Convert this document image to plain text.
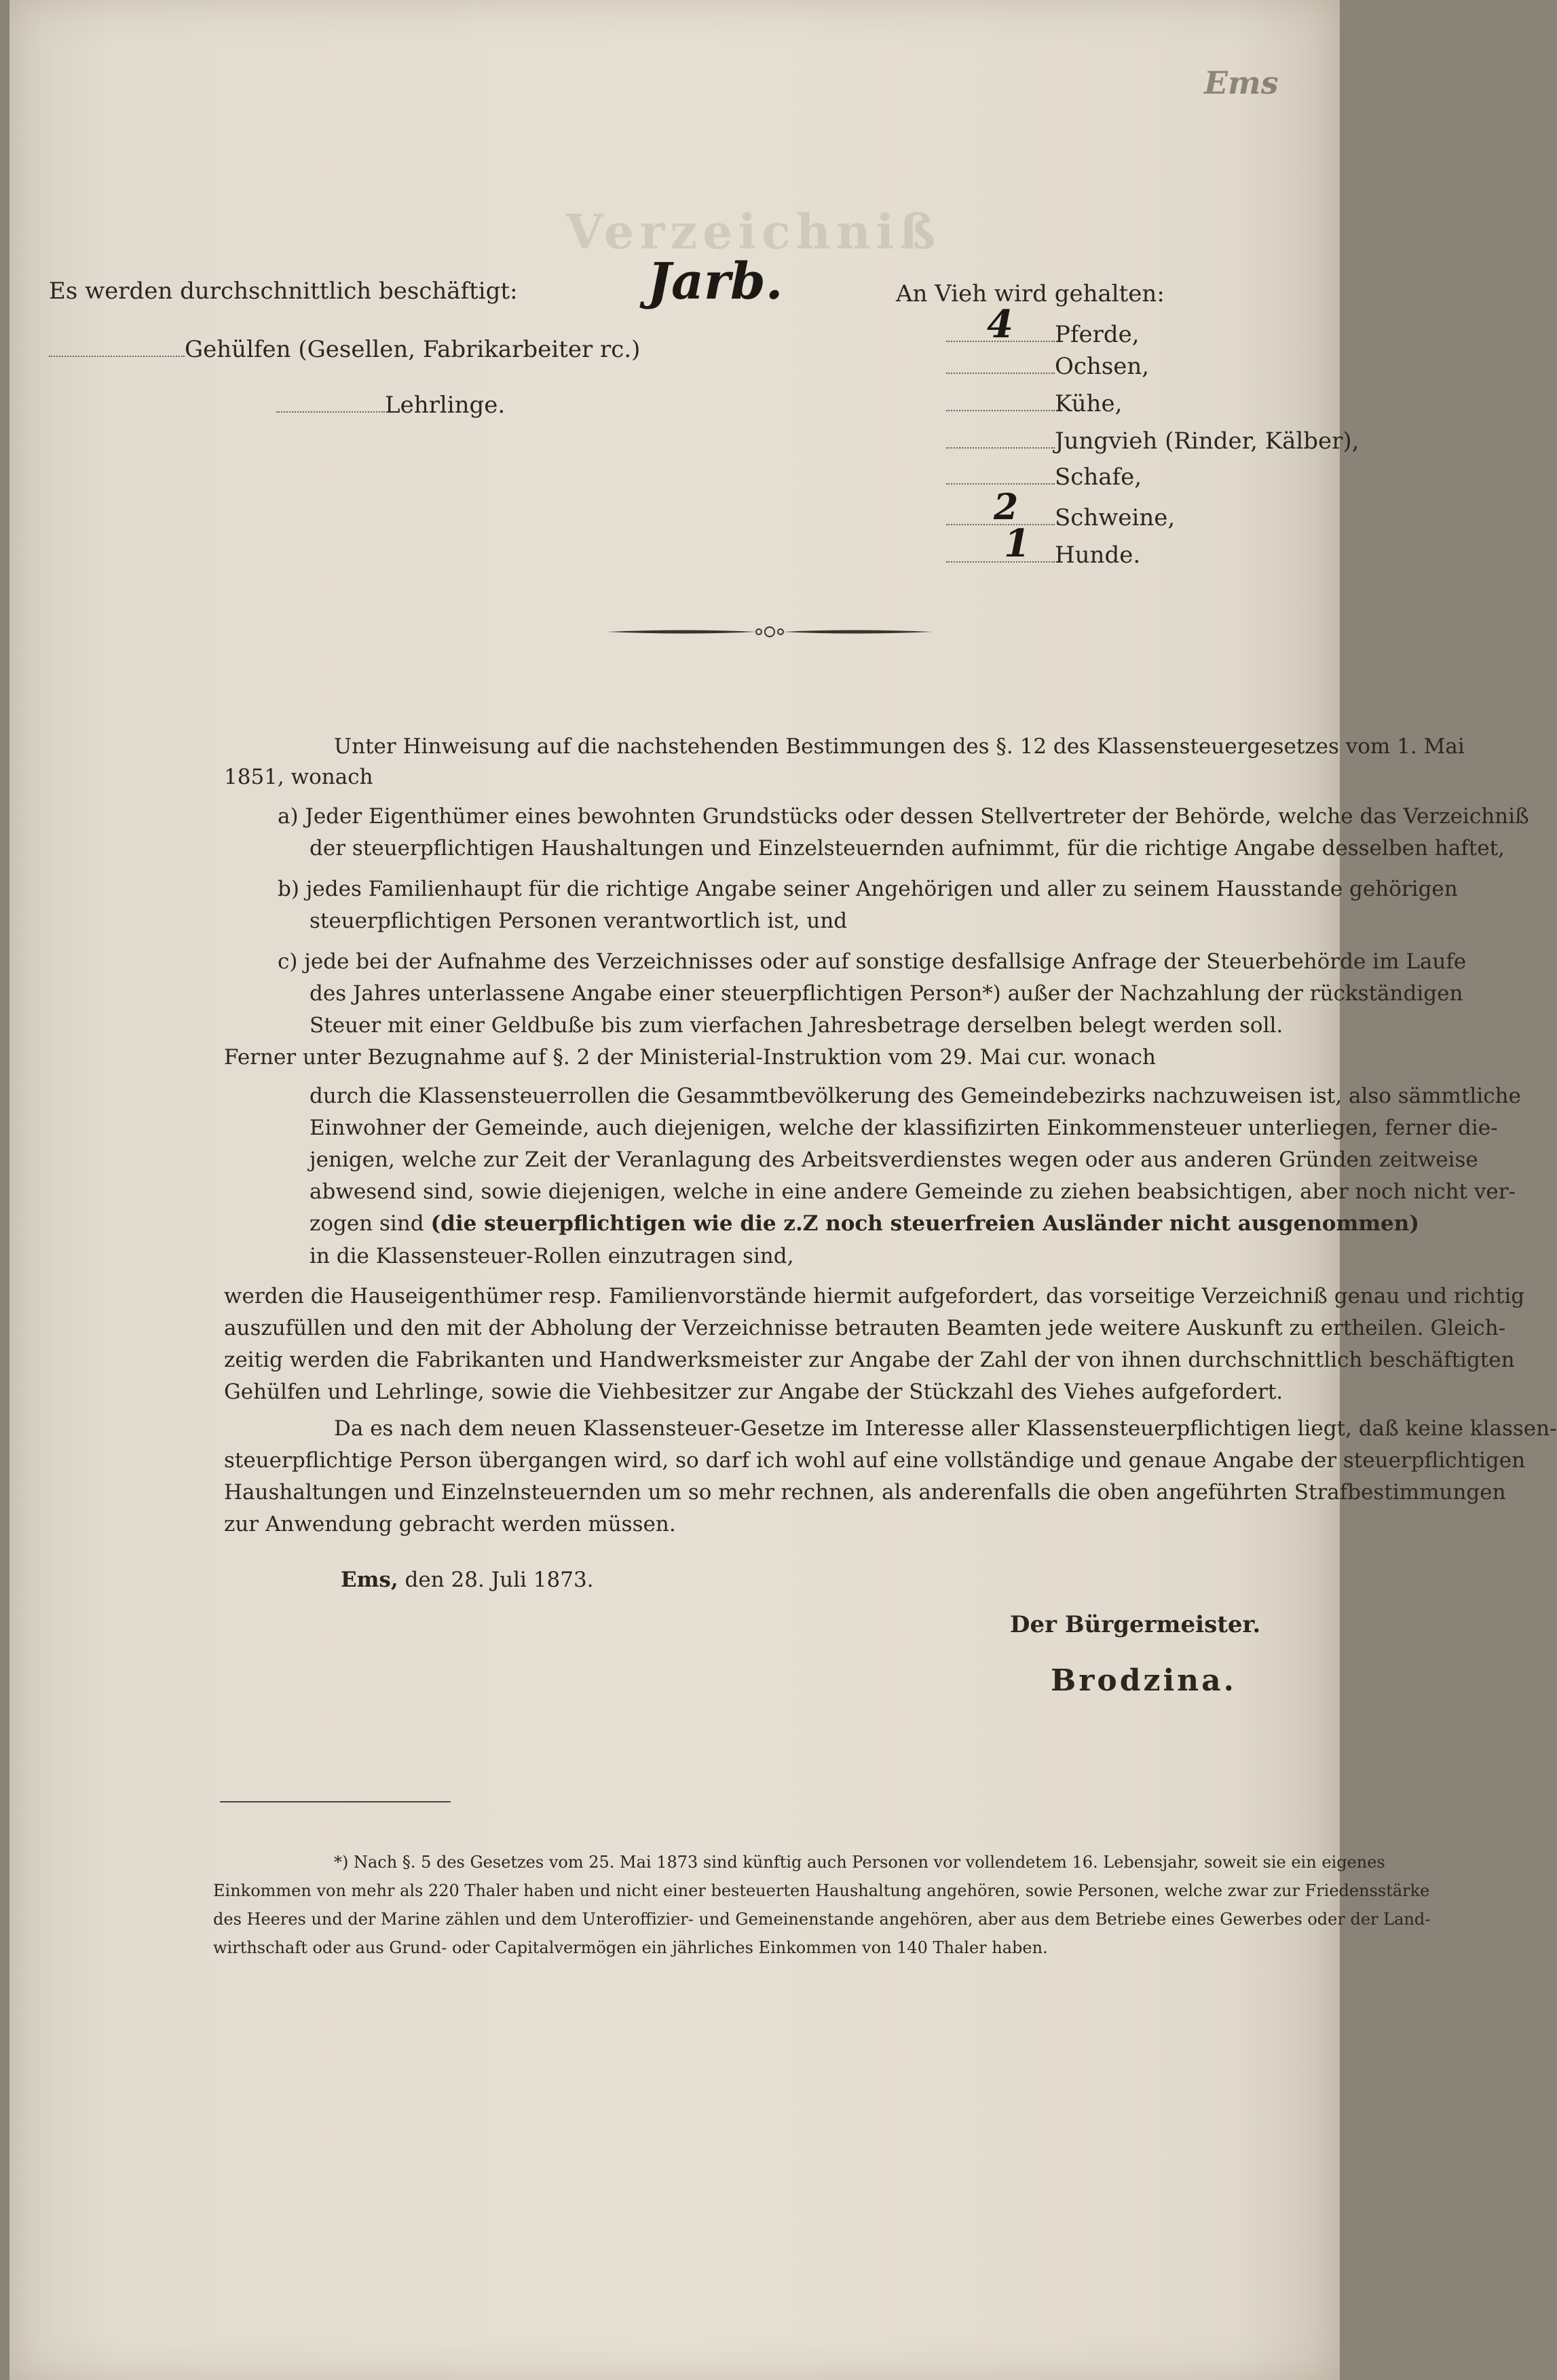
Verzeichniß
Ems
Es werden durchschnittlich beschäftigt:	Jarb.
Gehülfen (Gesellen, Fabrikarbeiter rc.)
Lehrlinge.
An Vieh wird gehalten:
4 Pferde,
Ochsen,
Kühe,
Jungvieh (Rinder, Kälber),
Schafe,
2 Schweine,
1 Hunde.
Unter Hinweisung auf die nachstehenden Bestimmungen des §. 12 des Klassensteuergesetzes vom 1. Mai
1851, wonach
a) Jeder Eigenthümer eines bewohnten Grundstücks oder dessen Stellvertreter der Behörde, welche das Verzeichniß
der steuerpflichtigen Haushaltungen und Einzelsteuernden aufnimmt, für die richtige Angabe desselben haftet,
b) jedes Familienhaupt für die richtige Angabe seiner Angehörigen und aller zu seinem Hausstande gehörigen
steuerpflichtigen Personen verantwortlich ist, und
c) jede bei der Aufnahme des Verzeichnisses oder auf sonstige desfallsige Anfrage der Steuerbehörde im Laufe
des Jahres unterlassene Angabe einer steuerpflichtigen Person*) außer der Nachzahlung der rückständigen
Steuer mit einer Geldbuße bis zum vierfachen Jahresbetrage derselben belegt werden soll.
Ferner unter Bezugnahme auf §. 2 der Ministerial-Instruktion vom 29. Mai cur. wonach
durch die Klassensteuerrollen die Gesammtbevölkerung des Gemeindebezirks nachzuweisen ist, also sämmtliche
Einwohner der Gemeinde, auch diejenigen, welche der klassifizirten Einkommensteuer unterliegen, ferner die-
jenigen, welche zur Zeit der Veranlagung des Arbeitsverdienstes wegen oder aus anderen Gründen zeitweise
abwesend sind, sowie diejenigen, welche in eine andere Gemeinde zu ziehen beabsichtigen, aber noch nicht ver-
zogen sind (die steuerpflichtigen wie die z.Z noch steuerfreien Ausländer nicht ausgenommen)
in die Klassensteuer-Rollen einzutragen sind,
werden die Hauseigenthümer resp. Familienvorstände hiermit aufgefordert, das vorseitige Verzeichniß genau und richtig
auszufüllen und den mit der Abholung der Verzeichnisse betrauten Beamten jede weitere Auskunft zu ertheilen. Gleich-
zeitig werden die Fabrikanten und Handwerksmeister zur Angabe der Zahl der von ihnen durchschnittlich beschäftigten
Gehülfen und Lehrlinge, sowie die Viehbesitzer zur Angabe der Stückzahl des Viehes aufgefordert.
Da es nach dem neuen Klassensteuer-Gesetze im Interesse aller Klassensteuerpflichtigen liegt, daß keine klassen-
steuerpflichtige Person übergangen wird, so darf ich wohl auf eine vollständige und genaue Angabe der steuerpflichtigen
Haushaltungen und Einzelnsteuernden um so mehr rechnen, als anderenfalls die oben angeführten Strafbestimmungen
zur Anwendung gebracht werden müssen.
Ems, den 28. Juli 1873.
Der Bürgermeister.
Brodzina.
*) Nach §. 5 des Gesetzes vom 25. Mai 1873 sind künftig auch Personen vor vollendetem 16. Lebensjahr, soweit sie ein eigenes
Einkommen von mehr als 220 Thaler haben und nicht einer besteuerten Haushaltung angehören, sowie Personen, welche zwar zur Friedensstärke
des Heeres und der Marine zählen und dem Unteroffizier- und Gemeinenstande angehören, aber aus dem Betriebe eines Gewerbes oder der Land-
wirthschaft oder aus Grund- oder Capitalvermögen ein jährliches Einkommen von 140 Thaler haben.
